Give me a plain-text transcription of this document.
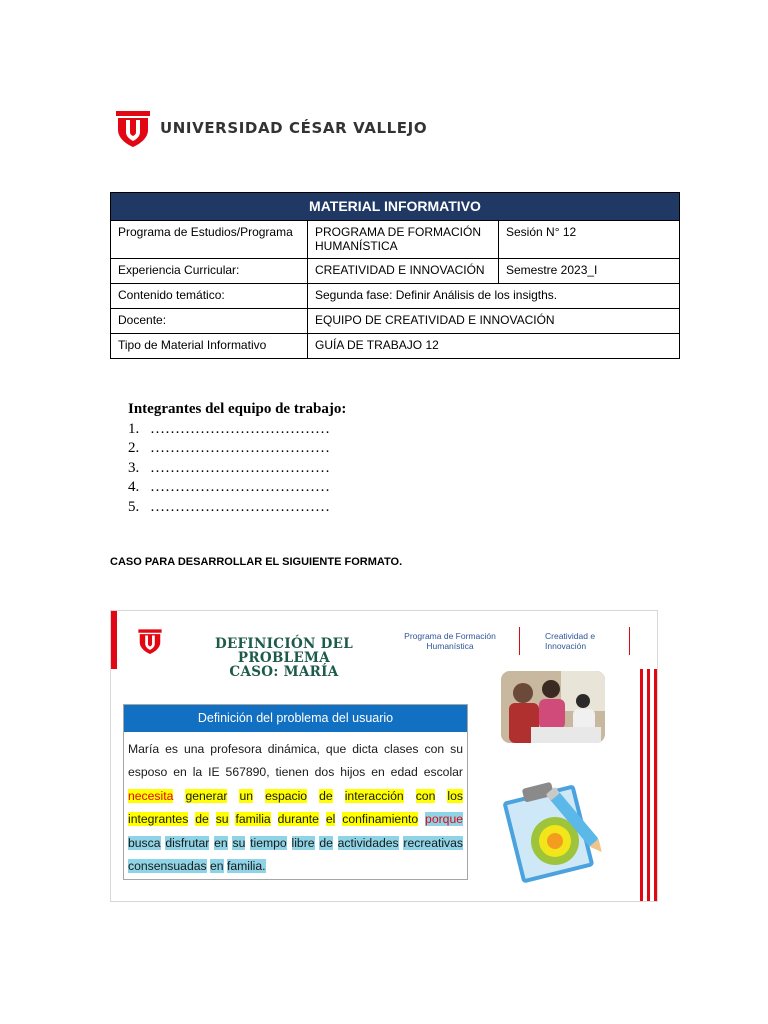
UNIVERSIDAD CÉSAR VALLEJO
MATERIAL INFORMATIVO		
Programa de Estudios/Programa	PROGRAMA DE FORMACIÓN HUMANÍSTICA	Sesión N° 12
Experiencia Curricular:	CREATIVIDAD E INNOVACIÓN	Semestre 2023_I
Contenido temático:	Segunda fase: Definir Análisis de los insigths.	
Docente:	EQUIPO DE CREATIVIDAD E INNOVACIÓN	
Tipo de Material Informativo	GUÍA DE TRABAJO 12	
Integrantes del equipo de trabajo:
1. ………………………………
2. ………………………………
3. ………………………………
4. ………………………………
5. ………………………………
CASO PARA DESARROLLAR EL SIGUIENTE FORMATO.
DEFINICIÓN DEL
PROBLEMA
CASO: MARÍA
Programa de Formación Humanística
Creatividad e Innovación
Definición del problema del usuario
María es una profesora dinámica, que dicta clases con su esposo en la IE 567890, tienen dos hijos en edad escolar necesita generar un espacio de interacción con los integrantes de su familia durante el confinamiento porque busca disfrutar en su tiempo libre de actividades recreativas consensuadas en familia.
